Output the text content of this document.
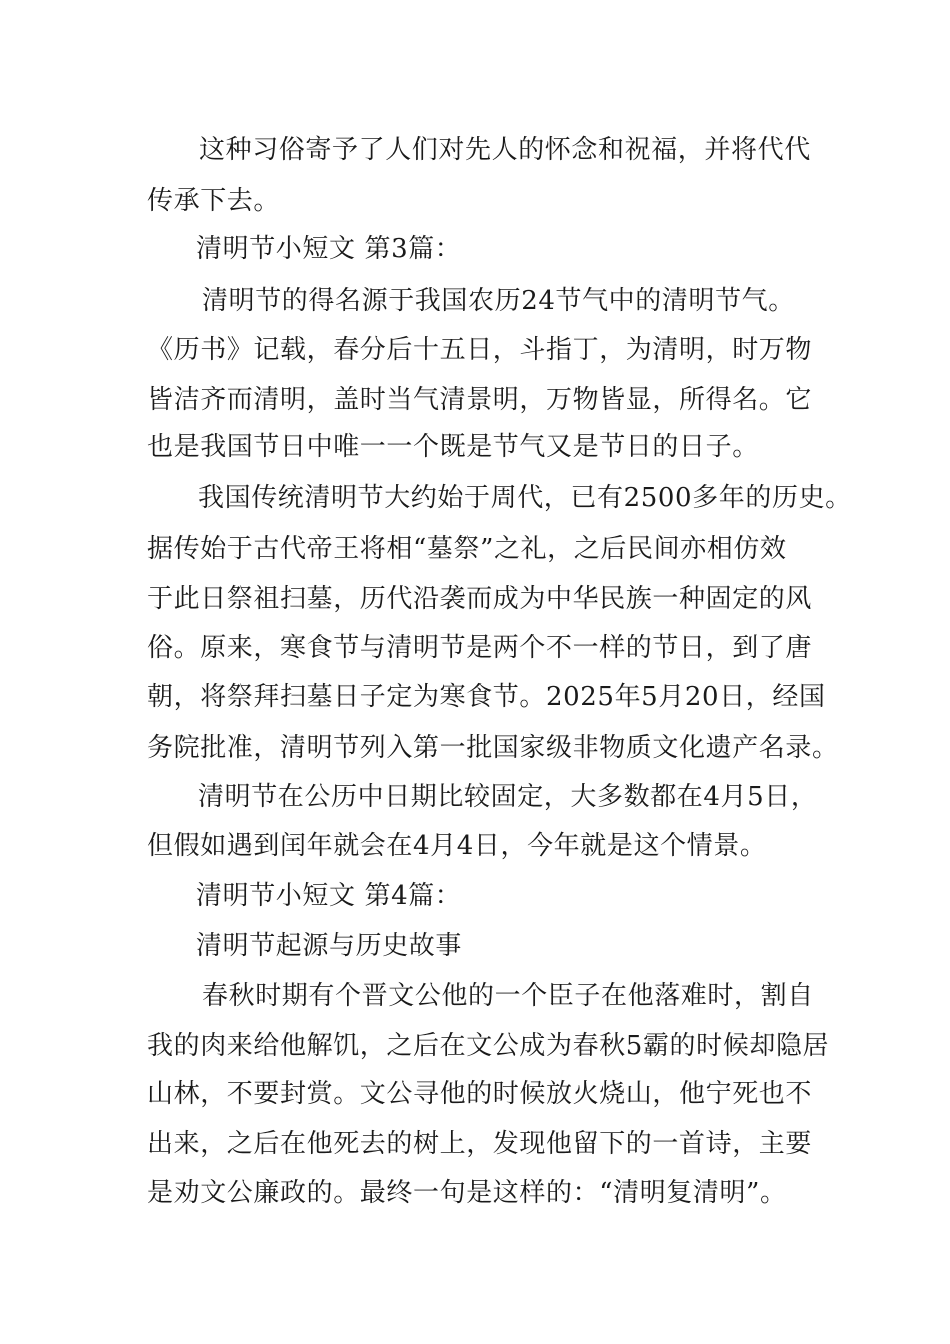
这种习俗寄予了人们对先人的怀念和祝福，并将代代
传承下去。
清明节小短文 第3篇：
清明节的得名源于我国农历24节气中的清明节气。
《历书》记载，春分后十五日，斗指丁，为清明，时万物
皆洁齐而清明，盖时当气清景明，万物皆显，所得名。它
也是我国节日中唯一一个既是节气又是节日的日子。
我国传统清明节大约始于周代，已有2500多年的历史。
据传始于古代帝王将相“墓祭”之礼，之后民间亦相仿效
于此日祭祖扫墓，历代沿袭而成为中华民族一种固定的风
俗。原来，寒食节与清明节是两个不一样的节日，到了唐
朝，将祭拜扫墓日子定为寒食节。2025年5月20日，经国
务院批准，清明节列入第一批国家级非物质文化遗产名录。
清明节在公历中日期比较固定，大多数都在4月5日，
但假如遇到闰年就会在4月4日，今年就是这个情景。
清明节小短文 第4篇：
清明节起源与历史故事
春秋时期有个晋文公他的一个臣子在他落难时，割自
我的肉来给他解饥，之后在文公成为春秋5霸的时候却隐居
山林，不要封赏。文公寻他的时候放火烧山，他宁死也不
出来，之后在他死去的树上，发现他留下的一首诗，主要
是劝文公廉政的。最终一句是这样的：“清明复清明”。
